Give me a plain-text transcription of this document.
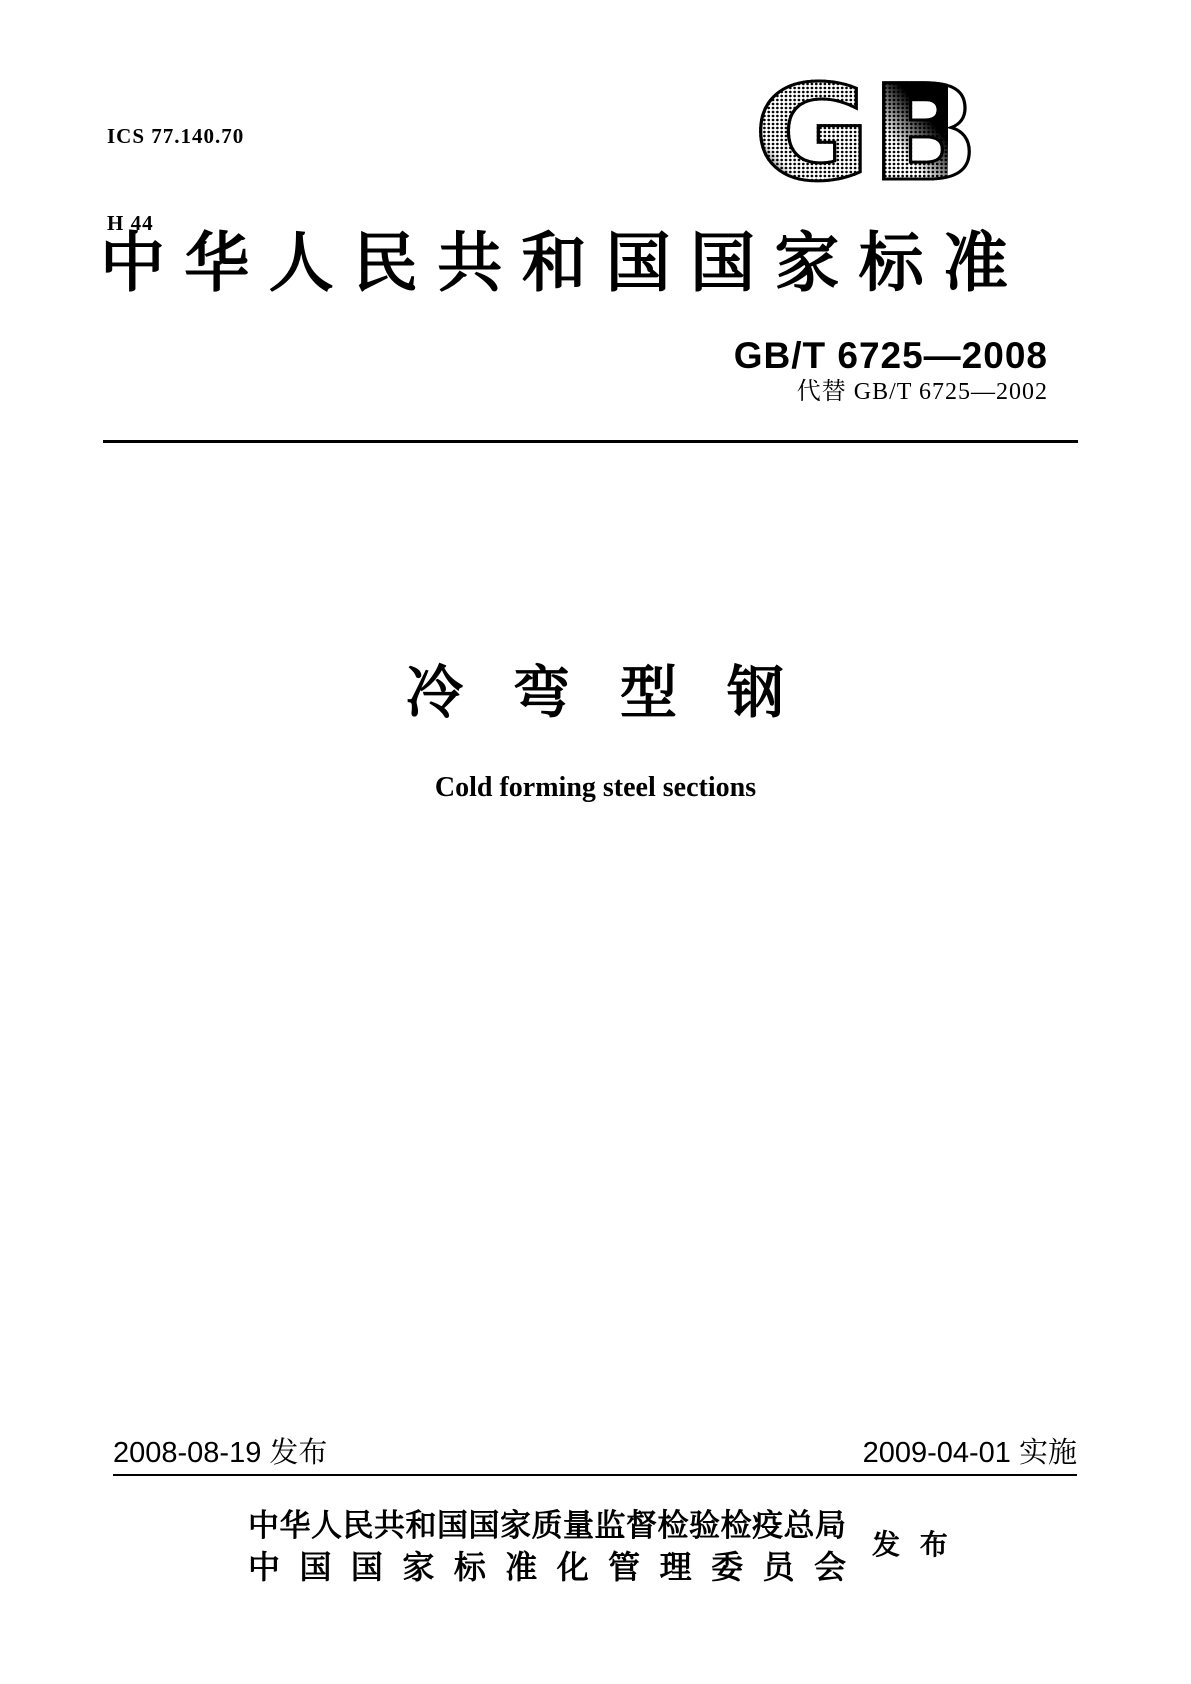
ICS 77.140.70

H 44

GB
中 华 人 民 共 和 国 国 家 标 准
GB/T 6725—2008
代替 GB/T 6725—2002
冷 弯 型 钢
Cold forming steel sections
2008-08-19 发布	2009-04-01 实施
中 华 人 民 共 和 国 国 家 质 量 监 督 检 验 检 疫 总 局
中 国 国 家 标 准 化 管 理 委 员 会
发 布
